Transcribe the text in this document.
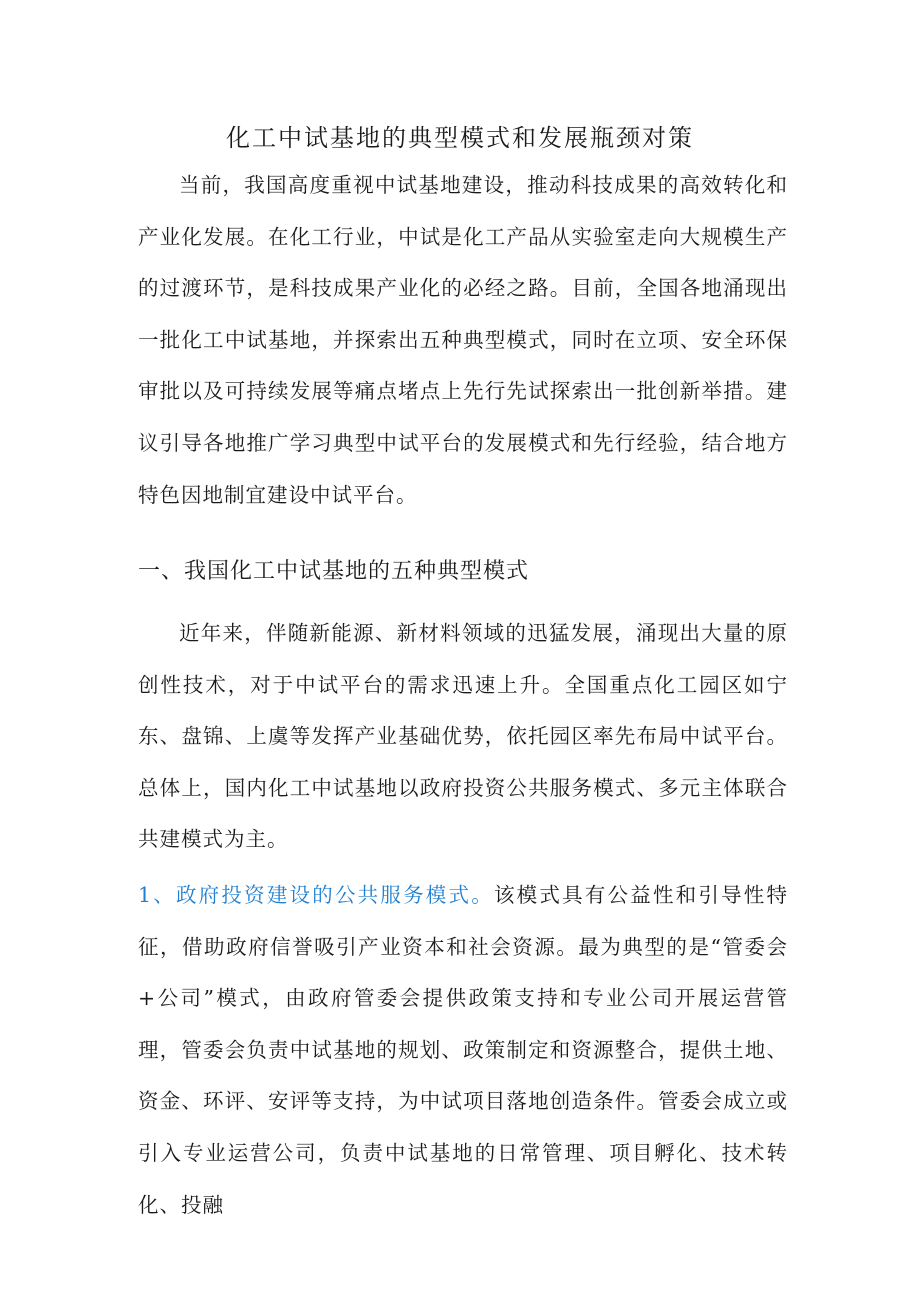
化工中试基地的典型模式和发展瓶颈对策

当前，我国高度重视中试基地建设，推动科技成果的高效转化和产业化发展。在化工行业，中试是化工产品从实验室走向大规模生产的过渡环节，是科技成果产业化的必经之路。目前，全国各地涌现出一批化工中试基地，并探索出五种典型模式，同时在立项、安全环保审批以及可持续发展等痛点堵点上先行先试探索出一批创新举措。建议引导各地推广学习典型中试平台的发展模式和先行经验，结合地方特色因地制宜建设中试平台。

一、我国化工中试基地的五种典型模式

近年来，伴随新能源、新材料领域的迅猛发展，涌现出大量的原创性技术，对于中试平台的需求迅速上升。全国重点化工园区如宁东、盘锦、上虞等发挥产业基础优势，依托园区率先布局中试平台。总体上，国内化工中试基地以政府投资公共服务模式、多元主体联合共建模式为主。

1、政府投资建设的公共服务模式。该模式具有公益性和引导性特征，借助政府信誉吸引产业资本和社会资源。最为典型的是“管委会+公司”模式，由政府管委会提供政策支持和专业公司开展运营管理，管委会负责中试基地的规划、政策制定和资源整合，提供土地、资金、环评、安评等支持，为中试项目落地创造条件。管委会成立或引入专业运营公司，负责中试基地的日常管理、项目孵化、技术转化、投融
